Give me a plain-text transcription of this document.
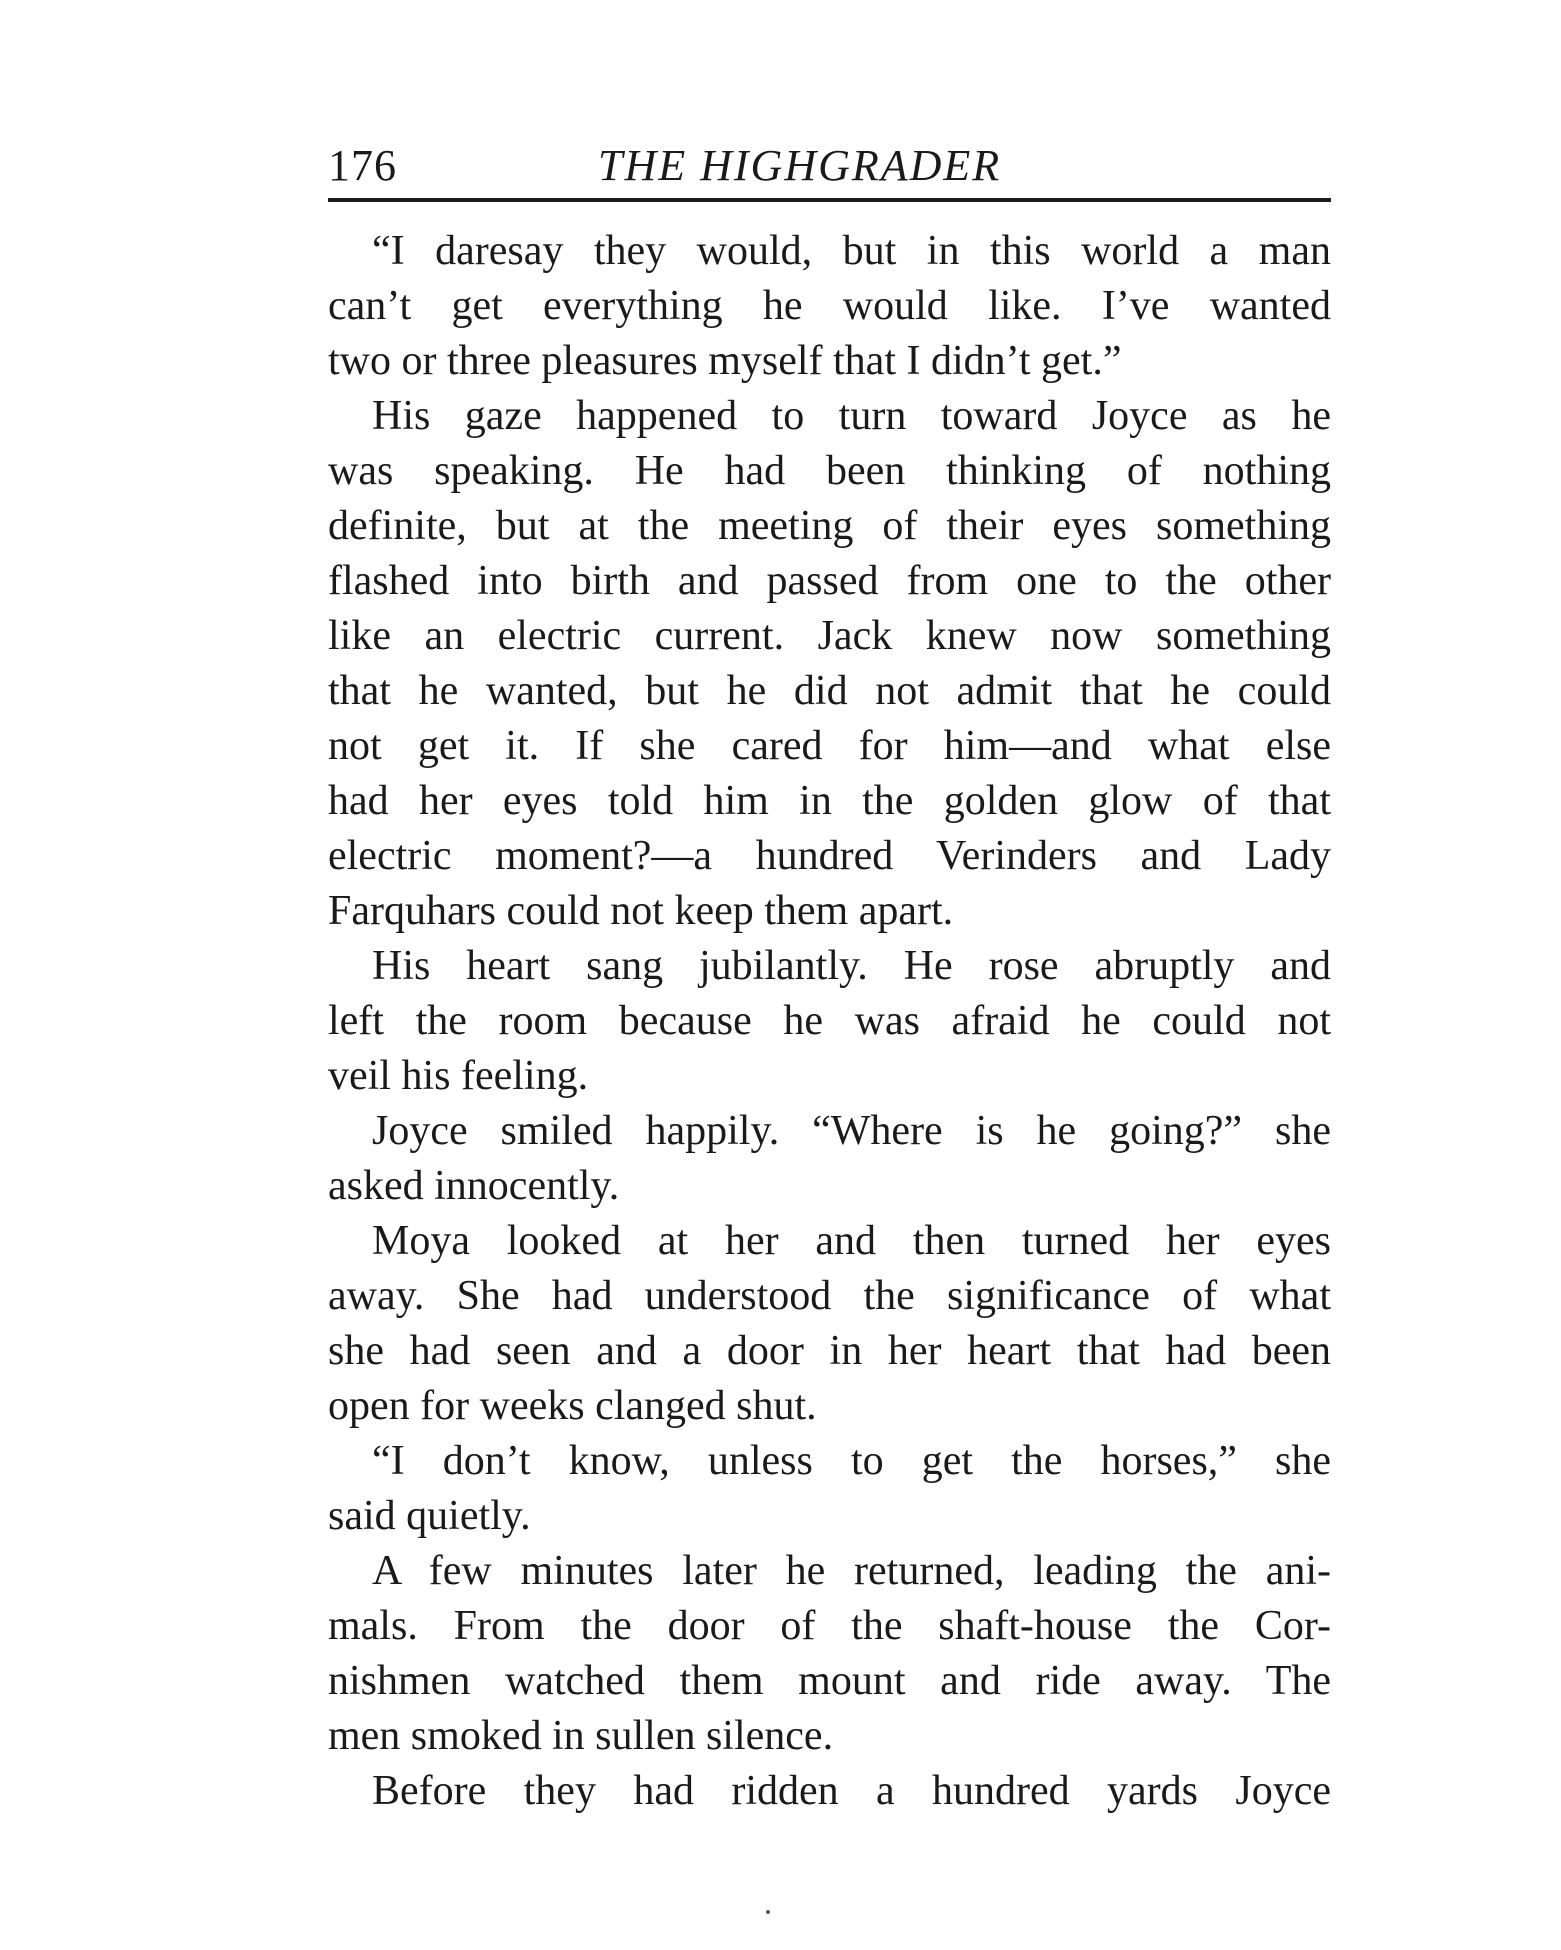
176	THE HIGHGRADER
“I daresay they would, but in this world a man
can’t get everything he would like. I’ve wanted
two or three pleasures myself that I didn’t get.”
His gaze happened to turn toward Joyce as he
was speaking. He had been thinking of nothing
definite, but at the meeting of their eyes something
flashed into birth and passed from one to the other
like an electric current. Jack knew now something
that he wanted, but he did not admit that he could
not get it. If she cared for him—and what else
had her eyes told him in the golden glow of that
electric moment?—a hundred Verinders and Lady
Farquhars could not keep them apart.
His heart sang jubilantly. He rose abruptly and
left the room because he was afraid he could not
veil his feeling.
Joyce smiled happily. “Where is he going?” she
asked innocently.
Moya looked at her and then turned her eyes
away. She had understood the significance of what
she had seen and a door in her heart that had been
open for weeks clanged shut.
“I don’t know, unless to get the horses,” she
said quietly.
A few minutes later he returned, leading the ani-
mals. From the door of the shaft-house the Cor-
nishmen watched them mount and ride away. The
men smoked in sullen silence.
Before they had ridden a hundred yards Joyce
